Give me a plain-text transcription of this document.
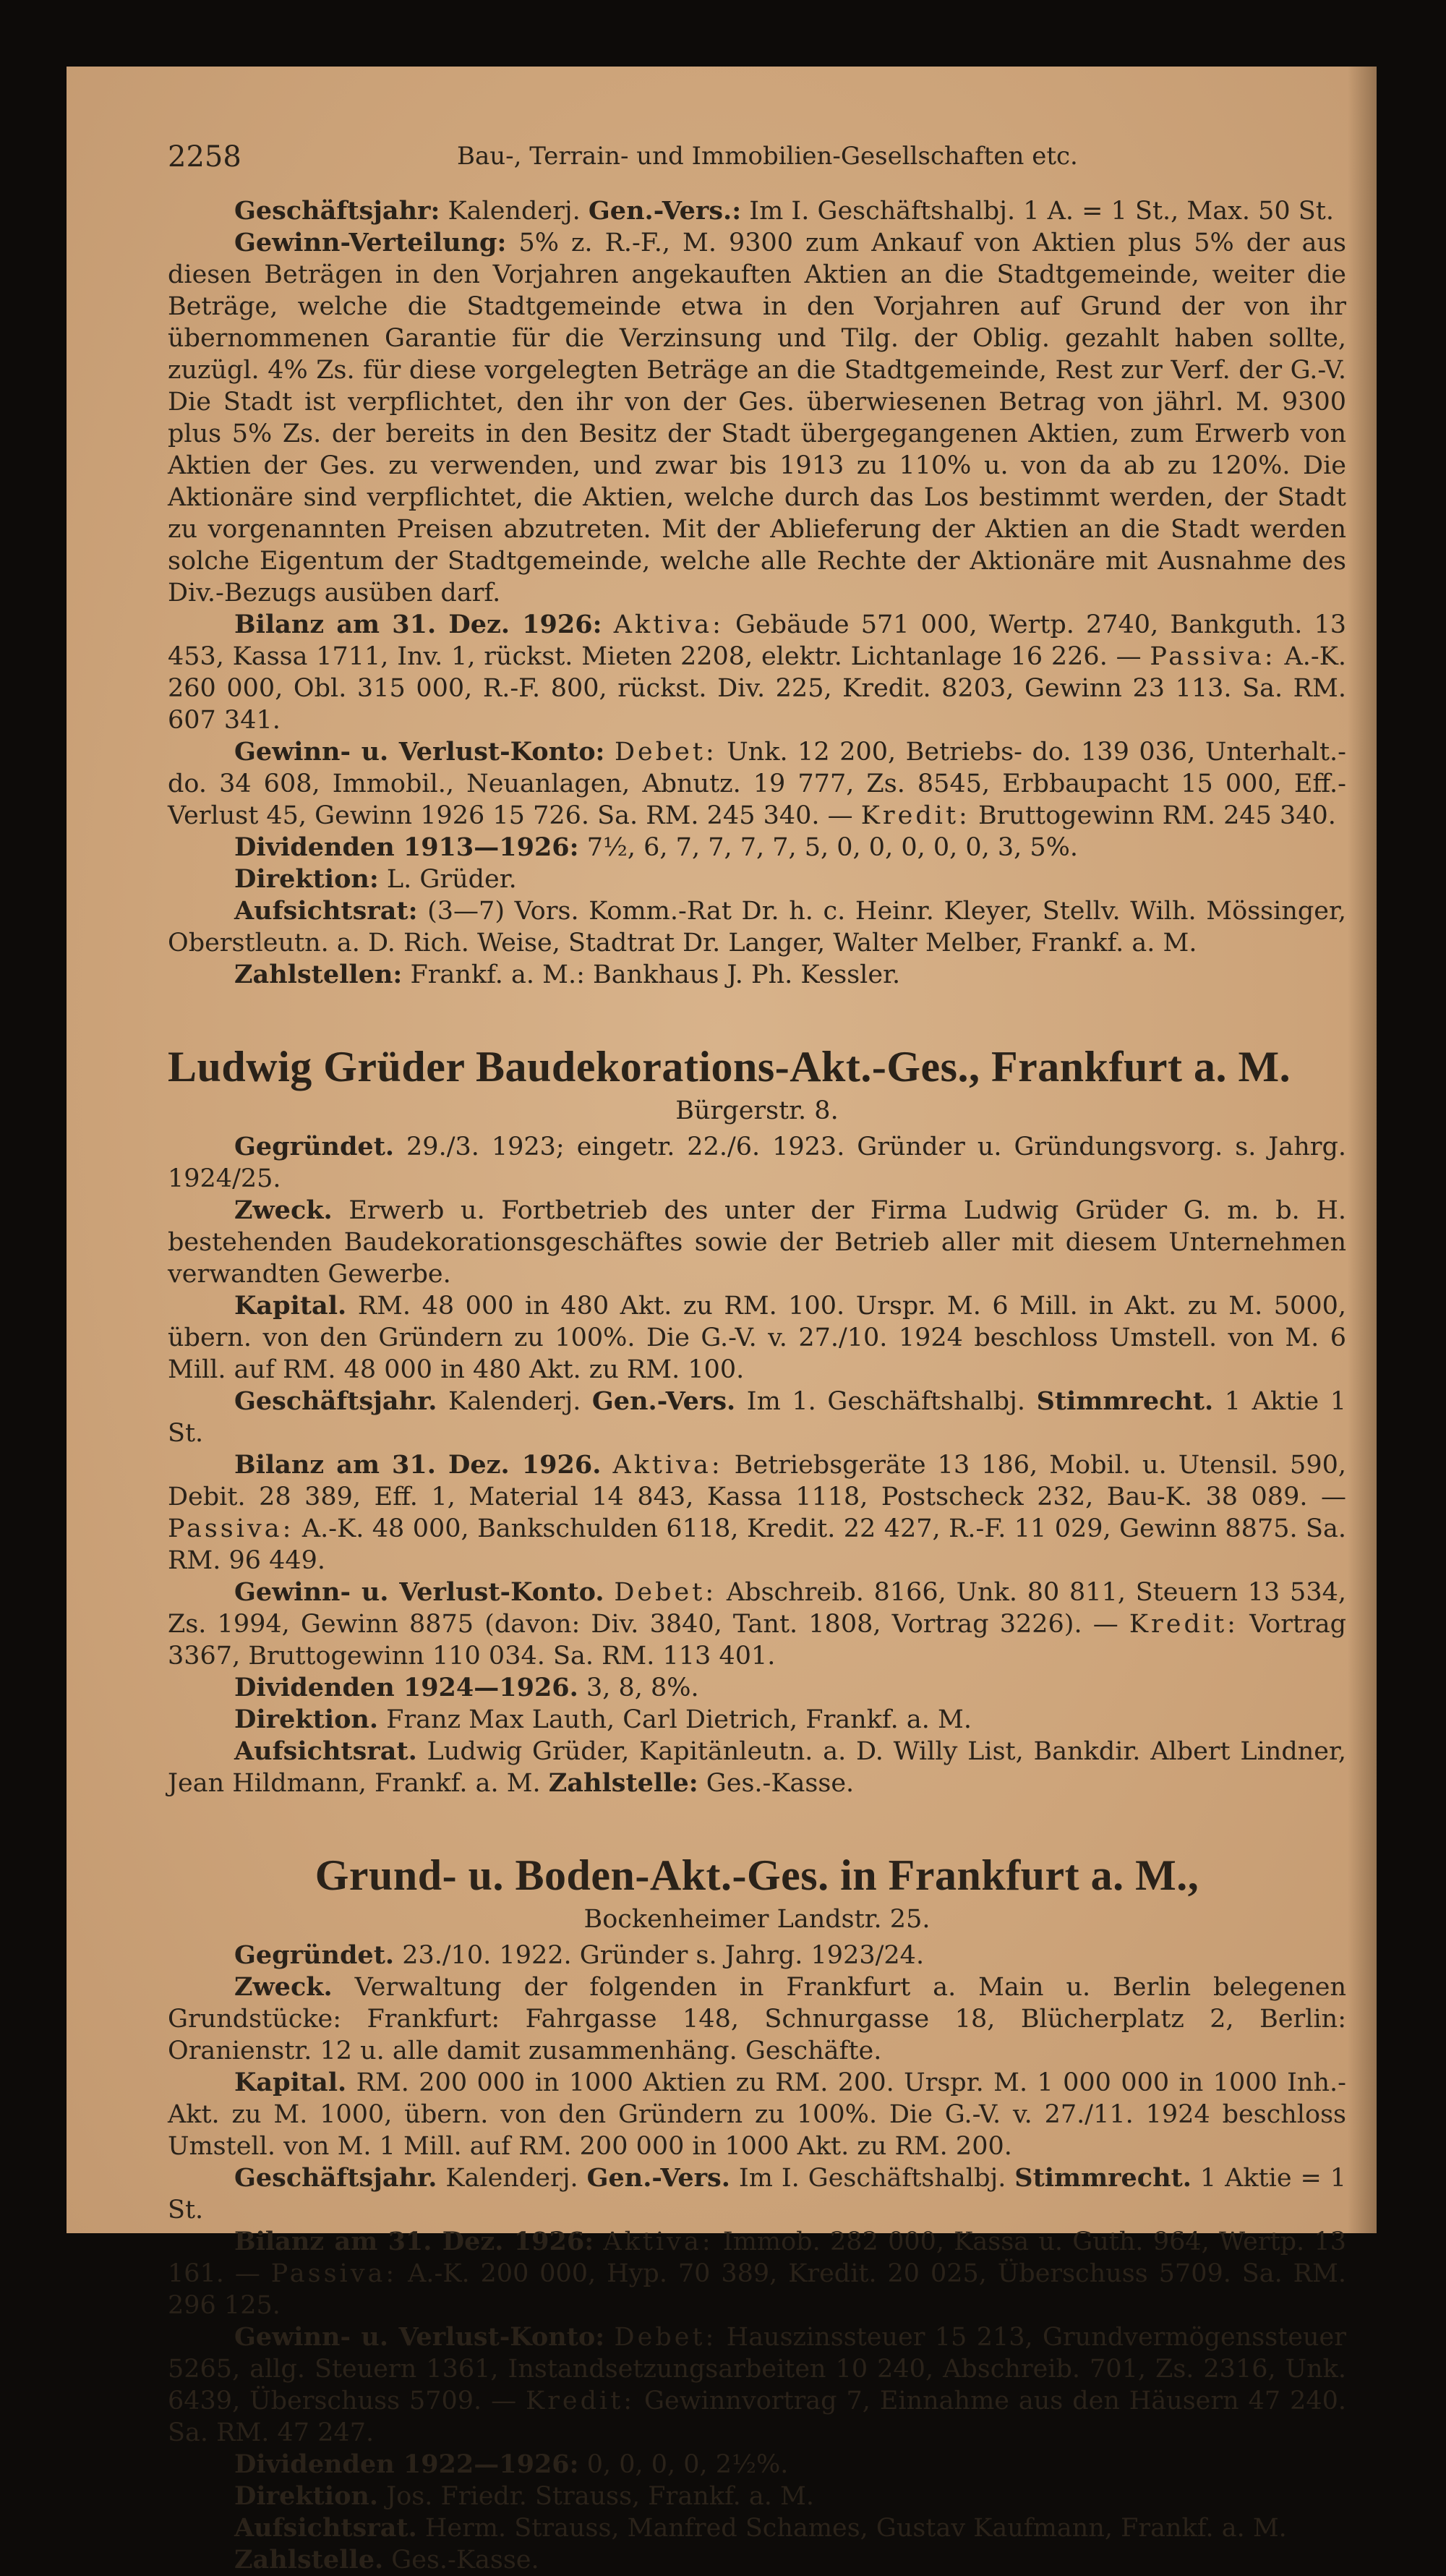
2258	Bau-, Terrain- und Immobilien-Gesellschaften etc.

Geschäftsjahr: Kalenderj. Gen.-Vers.: Im I. Geschäftshalbj. 1 A. = 1 St., Max. 50 St.

Gewinn-Verteilung: 5% z. R.-F., M. 9300 zum Ankauf von Aktien plus 5% der aus diesen Beträgen in den Vorjahren angekauften Aktien an die Stadtgemeinde, weiter die Beträge, welche die Stadtgemeinde etwa in den Vorjahren auf Grund der von ihr übernommenen Garantie für die Verzinsung und Tilg. der Oblig. gezahlt haben sollte, zuzügl. 4% Zs. für diese vorgelegten Beträge an die Stadtgemeinde, Rest zur Verf. der G.-V. Die Stadt ist verpflichtet, den ihr von der Ges. überwiesenen Betrag von jährl. M. 9300 plus 5% Zs. der bereits in den Besitz der Stadt übergegangenen Aktien, zum Erwerb von Aktien der Ges. zu verwenden, und zwar bis 1913 zu 110% u. von da ab zu 120%. Die Aktionäre sind verpflichtet, die Aktien, welche durch das Los bestimmt werden, der Stadt zu vorgenannten Preisen abzutreten. Mit der Ablieferung der Aktien an die Stadt werden solche Eigentum der Stadtgemeinde, welche alle Rechte der Aktionäre mit Ausnahme des Div.-Bezugs ausüben darf.

Bilanz am 31. Dez. 1926: Aktiva: Gebäude 571 000, Wertp. 2740, Bankguth. 13 453, Kassa 1711, Inv. 1, rückst. Mieten 2208, elektr. Lichtanlage 16 226. — Passiva: A.-K. 260 000, Obl. 315 000, R.-F. 800, rückst. Div. 225, Kredit. 8203, Gewinn 23 113. Sa. RM. 607 341.

Gewinn- u. Verlust-Konto: Debet: Unk. 12 200, Betriebs- do. 139 036, Unterhalt.- do. 34 608, Immobil., Neuanlagen, Abnutz. 19 777, Zs. 8545, Erbbaupacht 15 000, Eff.-Verlust 45, Gewinn 1926 15 726. Sa. RM. 245 340. — Kredit: Bruttogewinn RM. 245 340.

Dividenden 1913—1926: 7½, 6, 7, 7, 7, 7, 5, 0, 0, 0, 0, 0, 3, 5%.

Direktion: L. Grüder.

Aufsichtsrat: (3—7) Vors. Komm.-Rat Dr. h. c. Heinr. Kleyer, Stellv. Wilh. Mössinger, Oberstleutn. a. D. Rich. Weise, Stadtrat Dr. Langer, Walter Melber, Frankf. a. M.

Zahlstellen: Frankf. a. M.: Bankhaus J. Ph. Kessler.

Ludwig Grüder Baudekorations-Akt.-Ges., Frankfurt a. M.
Bürgerstr. 8.

Gegründet. 29./3. 1923; eingetr. 22./6. 1923. Gründer u. Gründungsvorg. s. Jahrg. 1924/25.

Zweck. Erwerb u. Fortbetrieb des unter der Firma Ludwig Grüder G. m. b. H. bestehenden Baudekorationsgeschäftes sowie der Betrieb aller mit diesem Unternehmen verwandten Gewerbe.

Kapital. RM. 48 000 in 480 Akt. zu RM. 100. Urspr. M. 6 Mill. in Akt. zu M. 5000, übern. von den Gründern zu 100%. Die G.-V. v. 27./10. 1924 beschloss Umstell. von M. 6 Mill. auf RM. 48 000 in 480 Akt. zu RM. 100.

Geschäftsjahr. Kalenderj. Gen.-Vers. Im 1. Geschäftshalbj. Stimmrecht. 1 Aktie 1 St.

Bilanz am 31. Dez. 1926. Aktiva: Betriebsgeräte 13 186, Mobil. u. Utensil. 590, Debit. 28 389, Eff. 1, Material 14 843, Kassa 1118, Postscheck 232, Bau-K. 38 089. — Passiva: A.-K. 48 000, Bankschulden 6118, Kredit. 22 427, R.-F. 11 029, Gewinn 8875. Sa. RM. 96 449.

Gewinn- u. Verlust-Konto. Debet: Abschreib. 8166, Unk. 80 811, Steuern 13 534, Zs. 1994, Gewinn 8875 (davon: Div. 3840, Tant. 1808, Vortrag 3226). — Kredit: Vortrag 3367, Bruttogewinn 110 034. Sa. RM. 113 401.

Dividenden 1924—1926. 3, 8, 8%.

Direktion. Franz Max Lauth, Carl Dietrich, Frankf. a. M.

Aufsichtsrat. Ludwig Grüder, Kapitänleutn. a. D. Willy List, Bankdir. Albert Lindner, Jean Hildmann, Frankf. a. M. Zahlstelle: Ges.-Kasse.

Grund- u. Boden-Akt.-Ges. in Frankfurt a. M.,
Bockenheimer Landstr. 25.

Gegründet. 23./10. 1922. Gründer s. Jahrg. 1923/24.

Zweck. Verwaltung der folgenden in Frankfurt a. Main u. Berlin belegenen Grundstücke: Frankfurt: Fahrgasse 148, Schnurgasse 18, Blücherplatz 2, Berlin: Oranienstr. 12 u. alle damit zusammenhäng. Geschäfte.

Kapital. RM. 200 000 in 1000 Aktien zu RM. 200. Urspr. M. 1 000 000 in 1000 Inh.-Akt. zu M. 1000, übern. von den Gründern zu 100%. Die G.-V. v. 27./11. 1924 beschloss Umstell. von M. 1 Mill. auf RM. 200 000 in 1000 Akt. zu RM. 200.

Geschäftsjahr. Kalenderj. Gen.-Vers. Im I. Geschäftshalbj. Stimmrecht. 1 Aktie = 1 St.

Bilanz am 31. Dez. 1926: Aktiva: Immob. 282 000, Kassa u. Guth. 964, Wertp. 13 161. — Passiva: A.-K. 200 000, Hyp. 70 389, Kredit. 20 025, Überschuss 5709. Sa. RM. 296 125.

Gewinn- u. Verlust-Konto: Debet: Hauszinssteuer 15 213, Grundvermögenssteuer 5265, allg. Steuern 1361, Instandsetzungsarbeiten 10 240, Abschreib. 701, Zs. 2316, Unk. 6439, Überschuss 5709. — Kredit: Gewinnvortrag 7, Einnahme aus den Häusern 47 240. Sa. RM. 47 247.

Dividenden 1922—1926: 0, 0, 0, 0, 2½%.

Direktion. Jos. Friedr. Strauss, Frankf. a. M.

Aufsichtsrat. Herm. Strauss, Manfred Schames, Gustav Kaufmann, Frankf. a. M.

Zahlstelle. Ges.-Kasse.
